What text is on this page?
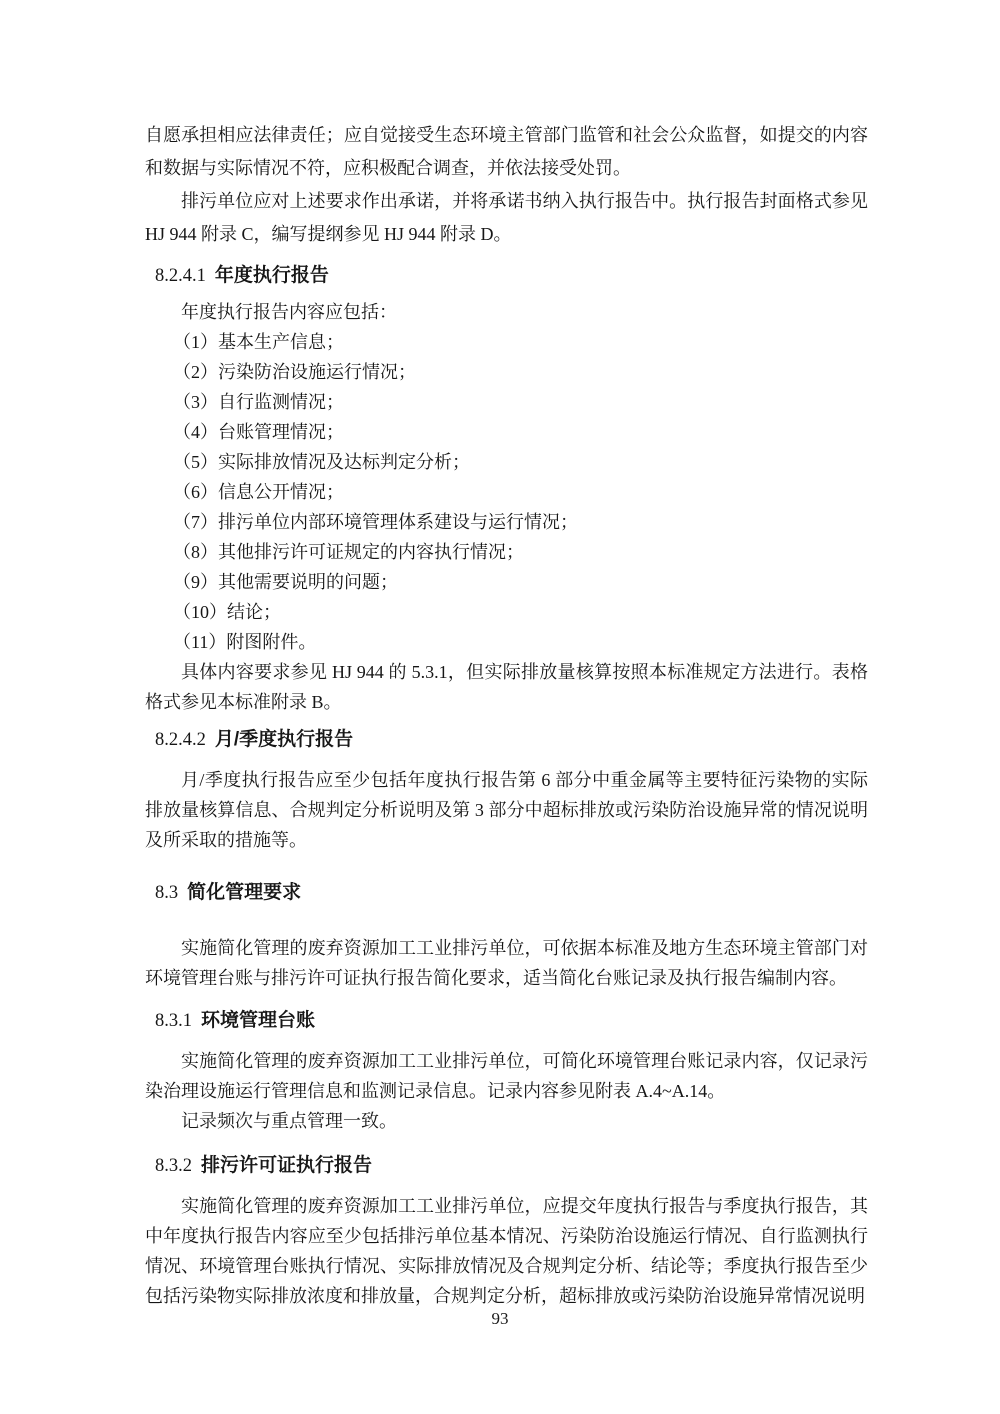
自愿承担相应法律责任；应自觉接受生态环境主管部门监管和社会公众监督，如提交的内容和数据与实际情况不符，应积极配合调查，并依法接受处罚。

排污单位应对上述要求作出承诺，并将承诺书纳入执行报告中。执行报告封面格式参见 HJ 944 附录 C，编写提纲参见 HJ 944 附录 D。

8.2.4.1 年度执行报告

年度执行报告内容应包括：

（1）基本生产信息；

（2）污染防治设施运行情况；

（3）自行监测情况；

（4）台账管理情况；

（5）实际排放情况及达标判定分析；

（6）信息公开情况；

（7）排污单位内部环境管理体系建设与运行情况；

（8）其他排污许可证规定的内容执行情况；

（9）其他需要说明的问题；

（10）结论；

（11）附图附件。

具体内容要求参见 HJ 944 的 5.3.1，但实际排放量核算按照本标准规定方法进行。表格格式参见本标准附录 B。

8.2.4.2 月/季度执行报告

月/季度执行报告应至少包括年度执行报告第 6 部分中重金属等主要特征污染物的实际排放量核算信息、合规判定分析说明及第 3 部分中超标排放或污染防治设施异常的情况说明及所采取的措施等。

8.3 简化管理要求

实施简化管理的废弃资源加工工业排污单位，可依据本标准及地方生态环境主管部门对环境管理台账与排污许可证执行报告简化要求，适当简化台账记录及执行报告编制内容。

8.3.1 环境管理台账

实施简化管理的废弃资源加工工业排污单位，可简化环境管理台账记录内容，仅记录污染治理设施运行管理信息和监测记录信息。记录内容参见附表 A.4~A.14。

记录频次与重点管理一致。

8.3.2 排污许可证执行报告

实施简化管理的废弃资源加工工业排污单位，应提交年度执行报告与季度执行报告，其中年度执行报告内容应至少包括排污单位基本情况、污染防治设施运行情况、自行监测执行情况、环境管理台账执行情况、实际排放情况及合规判定分析、结论等；季度执行报告至少包括污染物实际排放浓度和排放量，合规判定分析，超标排放或污染防治设施异常情况说明

93
